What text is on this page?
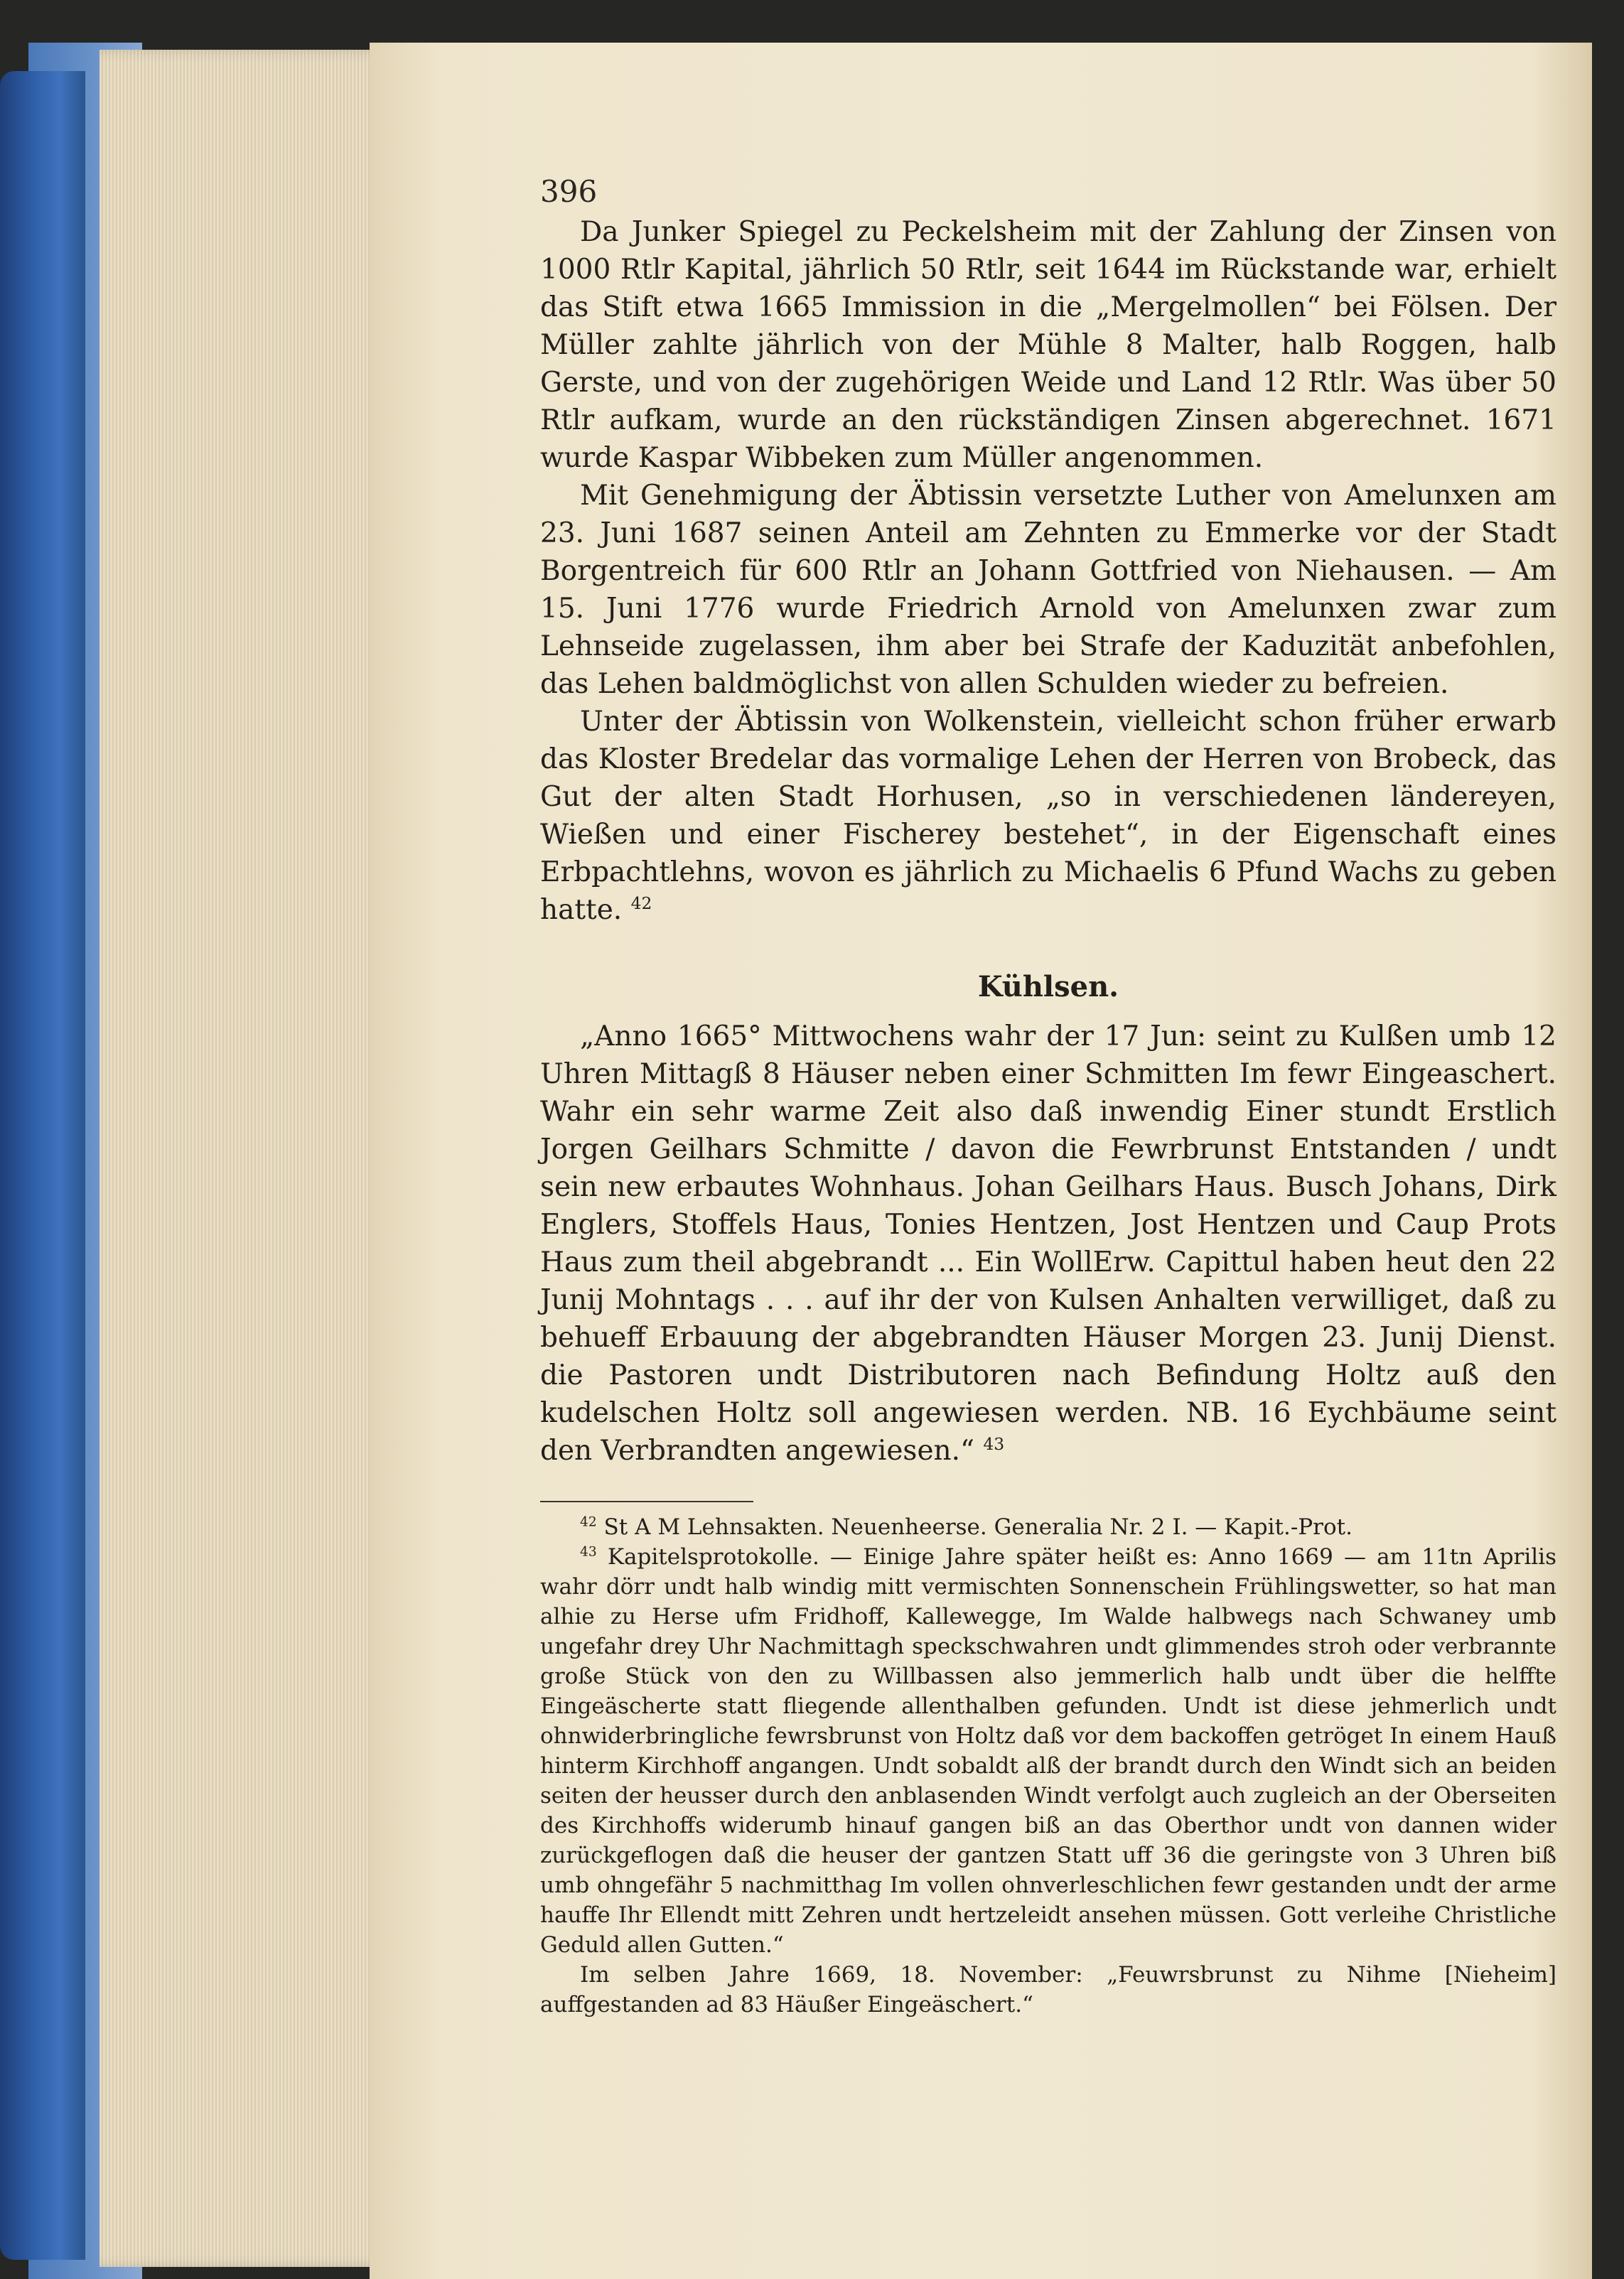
396

Da Junker Spiegel zu Peckelsheim mit der Zahlung der Zinsen von 1000 Rtlr Kapital, jährlich 50 Rtlr, seit 1644 im Rückstande war, erhielt das Stift etwa 1665 Immission in die „Mergelmollen“ bei Fölsen. Der Müller zahlte jährlich von der Mühle 8 Malter, halb Roggen, halb Gerste, und von der zugehörigen Weide und Land 12 Rtlr. Was über 50 Rtlr aufkam, wurde an den rückständigen Zinsen abgerechnet. 1671 wurde Kaspar Wibbeken zum Müller angenommen.

Mit Genehmigung der Äbtissin versetzte Luther von Amelunxen am 23. Juni 1687 seinen Anteil am Zehnten zu Emmerke vor der Stadt Borgentreich für 600 Rtlr an Johann Gottfried von Niehausen. — Am 15. Juni 1776 wurde Friedrich Arnold von Amelunxen zwar zum Lehnseide zugelassen, ihm aber bei Strafe der Kaduzität anbefohlen, das Lehen baldmöglichst von allen Schulden wieder zu befreien.

Unter der Äbtissin von Wolkenstein, vielleicht schon früher erwarb das Kloster Bredelar das vormalige Lehen der Herren von Brobeck, das Gut der alten Stadt Horhusen, „so in verschiedenen ländereyen, Wießen und einer Fischerey bestehet“, in der Eigenschaft eines Erbpachtlehns, wovon es jährlich zu Michaelis 6 Pfund Wachs zu geben hatte. $^{42}$

Kühlsen.

„Anno 1665° Mittwochens wahr der 17 Jun: seint zu Kulßen umb 12 Uhren Mittagß 8 Häuser neben einer Schmitten Im fewr Eingeaschert. Wahr ein sehr warme Zeit also daß inwendig Einer stundt Erstlich Jorgen Geilhars Schmitte / davon die Fewrbrunst Entstanden / undt sein new erbautes Wohnhaus. Johan Geilhars Haus. Busch Johans, Dirk Englers, Stoffels Haus, Tonies Hentzen, Jost Hentzen und Caup Prots Haus zum theil abgebrandt ... Ein WollErw. Capittul haben heut den 22 Junij Mohntags . . . auf ihr der von Kulsen Anhalten verwilliget, daß zu behueff Erbauung der abgebrandten Häuser Morgen 23. Junij Dienst. die Pastoren undt Distributoren nach Befindung Holtz auß den kudelschen Holtz soll angewiesen werden. NB. 16 Eychbäume seint den Verbrandten angewiesen.“ $^{43}$

$^{42}$ St A M Lehnsakten. Neuenheerse. Generalia Nr. 2 I. — Kapit.-Prot.

$^{43}$ Kapitelsprotokolle. — Einige Jahre später heißt es: Anno 1669 — am 11tn Aprilis wahr dörr undt halb windig mitt vermischten Sonnenschein Frühlingswetter, so hat man alhie zu Herse ufm Fridhoff, Kallewegge, Im Walde halbwegs nach Schwaney umb ungefahr drey Uhr Nachmittagh speckschwahren undt glimmendes stroh oder verbrannte große Stück von den zu Willbassen also jemmerlich halb undt über die helffte Eingeäscherte statt fliegende allenthalben gefunden. Undt ist diese jehmerlich undt ohnwiderbringliche fewrsbrunst von Holtz daß vor dem backoffen getröget In einem Hauß hinterm Kirchhoff angangen. Undt sobaldt alß der brandt durch den Windt sich an beiden seiten der heusser durch den anblasenden Windt verfolgt auch zugleich an der Oberseiten des Kirchhoffs widerumb hinauf gangen biß an das Oberthor undt von dannen wider zurückgeflogen daß die heuser der gantzen Statt uff 36 die geringste von 3 Uhren biß umb ohngefähr 5 nachmitthag Im vollen ohnverleschlichen fewr gestanden undt der arme hauffe Ihr Ellendt mitt Zehren undt hertzeleidt ansehen müssen. Gott verleihe Christliche Geduld allen Gutten.“

Im selben Jahre 1669, 18. November: „Feuwrsbrunst zu Nihme [Nieheim] auffgestanden ad 83 Häußer Eingeäschert.“
